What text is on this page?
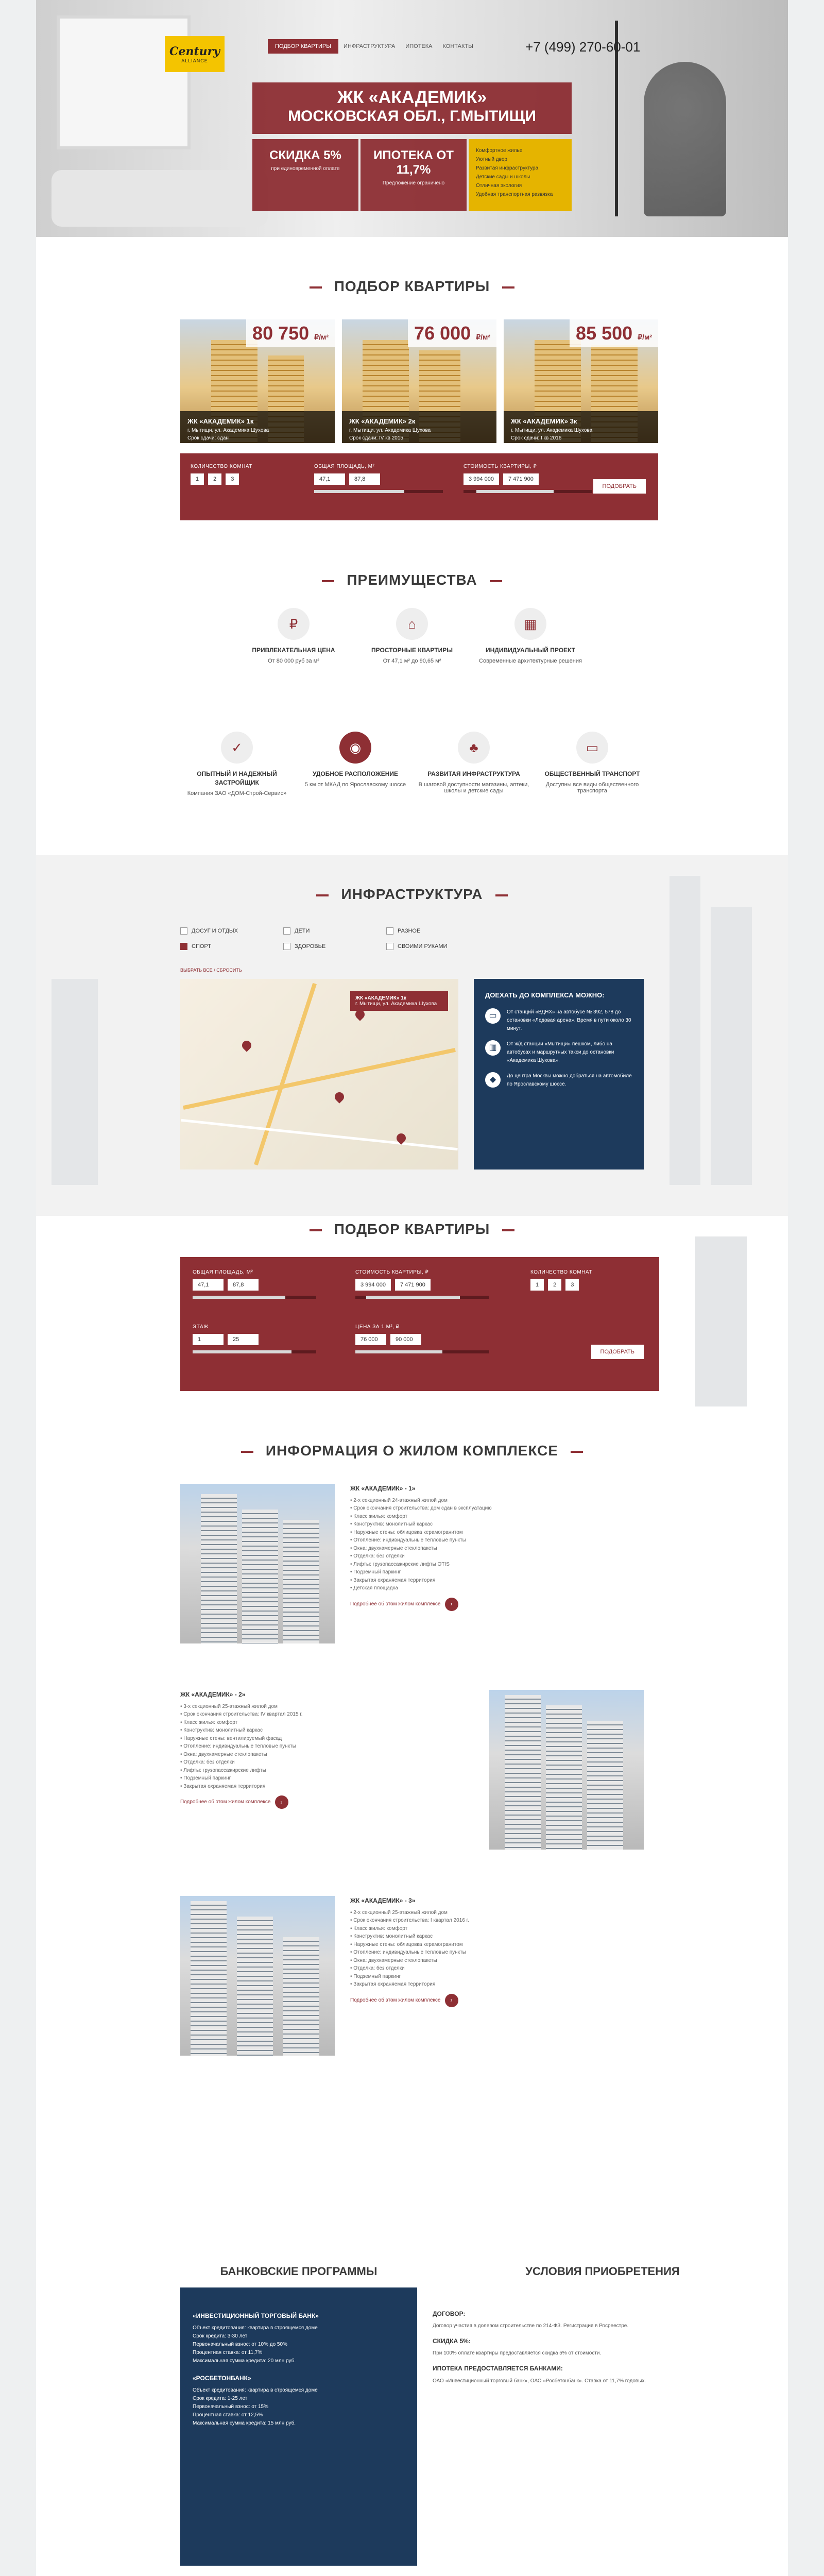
Century
ALLIANCE
ПОДБОР КВАРТИРЫ	ИНФРАСТРУКТУРА	ИПОТЕКА	КОНТАКТЫ	+7 (499) 270-60-01
ЖК «АКАДЕМИК»
МОСКОВСКАЯ ОБЛ., Г.МЫТИЩИ
СКИДКА 5%
при единовременной оплате
ИПОТЕКА ОТ 11,7%
Предложение ограничено
Комфортное жилье
Уютный двор
Развитая инфраструктура
Детские сады и школы
Отличная экология
Удобная транспортная развязка
ПОДБОР КВАРТИРЫ
80 750 ₽/м²
ЖК «АКАДЕМИК» 1к
г. Мытищи, ул. Академика Шухова
Срок сдачи: сдан
76 000 ₽/м²
ЖК «АКАДЕМИК» 2к
г. Мытищи, ул. Академика Шухова
Срок сдачи: IV кв 2015
85 500 ₽/м²
ЖК «АКАДЕМИК» 3к
г. Мытищи, ул. Академика Шухова
Срок сдачи: I кв 2016
КОЛИЧЕСТВО КОМНАТ
1	2	3
ОБЩАЯ ПЛОЩАДЬ, М²
47,1	87,8
СТОИМОСТЬ КВАРТИРЫ, ₽
3 994 000	7 471 900
ПОДОБРАТЬ
ПРЕИМУЩЕСТВА
₽
ПРИВЛЕКАТЕЛЬНАЯ ЦЕНА
От 80 000 руб за м²
⌂
ПРОСТОРНЫЕ КВАРТИРЫ
От 47,1 м² до 90,65 м²
▦
ИНДИВИДУАЛЬНЫЙ ПРОЕКТ
Современные архитектурные решения
✓
ОПЫТНЫЙ И НАДЕЖНЫЙ ЗАСТРОЙЩИК
Компания ЗАО «ДОМ-Строй-Сервис»
◉
УДОБНОЕ РАСПОЛОЖЕНИЕ
5 км от МКАД по Ярославскому шоссе
♣
РАЗВИТАЯ ИНФРАСТРУКТУРА
В шаговой доступности магазины, аптеки, школы и детские сады
▭
ОБЩЕСТВЕННЫЙ ТРАНСПОРТ
Доступны все виды общественного транспорта
ИНФРАСТРУКТУРА
ДОСУГ И ОТДЫХ	ДЕТИ	РАЗНОЕ
СПОРТ	ЗДОРОВЬЕ	СВОИМИ РУКАМИ
ВЫБРАТЬ ВСЕ / СБРОСИТЬ
ЖК «АКАДЕМИК» 1к
г. Мытищи, ул. Академика Шухова
ДОЕХАТЬ ДО КОМПЛЕКСА МОЖНО:
▭	От станций «ВДНХ» на автобусе № 392, 578 до остановки «Ледовая арена». Время в пути около 30 минут.
▥	От ж/д станции «Мытищи» пешком, либо на автобусах и маршрутных такси до остановки «Академика Шухова».
◆	До центра Москвы можно добраться на автомобиле по Ярославскому шоссе.
ПОДБОР КВАРТИРЫ
ОБЩАЯ ПЛОЩАДЬ, М²
47,1	87,8
СТОИМОСТЬ КВАРТИРЫ, ₽
3 994 000	7 471 900
КОЛИЧЕСТВО КОМНАТ
1	2	3
ЭТАЖ
1	25
ЦЕНА ЗА 1 М², ₽
76 000	90 000
ПОДОБРАТЬ
ИНФОРМАЦИЯ О ЖИЛОМ КОМПЛЕКСЕ
ЖК «АКАДЕМИК» - 1»
• 2-х секционный 24-этажный жилой дом
• Срок окончания строительства: дом сдан в эксплуатацию
• Класс жилья: комфорт
• Конструктив: монолитный каркас
• Наружные стены: облицовка керамогранитом
• Отопление: индивидуальные тепловые пункты
• Окна: двухкамерные стеклопакеты
• Отделка: без отделки
• Лифты: грузопассажирские лифты OTIS
• Подземный паркинг
• Закрытая охраняемая территория
• Детская площадка
Подробнее об этом жилом комплексе	›
ЖК «АКАДЕМИК» - 2»
• 3-х секционный 25-этажный жилой дом
• Срок окончания строительства: IV квартал 2015 г.
• Класс жилья: комфорт
• Конструктив: монолитный каркас
• Наружные стены: вентилируемый фасад
• Отопление: индивидуальные тепловые пункты
• Окна: двухкамерные стеклопакеты
• Отделка: без отделки
• Лифты: грузопассажирские лифты
• Подземный паркинг
• Закрытая охраняемая территория
Подробнее об этом жилом комплексе	›
ЖК «АКАДЕМИК» - 3»
• 2-х секционный 25-этажный жилой дом
• Срок окончания строительства: I квартал 2016 г.
• Класс жилья: комфорт
• Конструктив: монолитный каркас
• Наружные стены: облицовка керамогранитом
• Отопление: индивидуальные тепловые пункты
• Окна: двухкамерные стеклопакеты
• Отделка: без отделки
• Подземный паркинг
• Закрытая охраняемая территория
Подробнее об этом жилом комплексе	›
БАНКОВСКИЕ ПРОГРАММЫ	УСЛОВИЯ ПРИОБРЕТЕНИЯ
«ИНВЕСТИЦИОННЫЙ ТОРГОВЫЙ БАНК»
Объект кредитования: квартира в строящемся доме
Срок кредита: 3-30 лет
Первоначальный взнос: от 10% до 50%
Процентная ставка: от 11,7%
Максимальная сумма кредита: 20 млн руб.
«РОСБЕТОНБАНК»
Объект кредитования: квартира в строящемся доме
Срок кредита: 1-25 лет
Первоначальный взнос: от 15%
Процентная ставка: от 12,5%
Максимальная сумма кредита: 15 млн руб.
ДОГОВОР:
Договор участия в долевом строительстве по 214-ФЗ. Регистрация в Росреестре.
СКИДКА 5%:
При 100% оплате квартиры предоставляется скидка 5% от стоимости.
ИПОТЕКА ПРЕДОСТАВЛЯЕТСЯ БАНКАМИ:
ОАО «Инвестиционный торговый банк», ОАО «Росбетонбанк». Ставка от 11,7% годовых.
